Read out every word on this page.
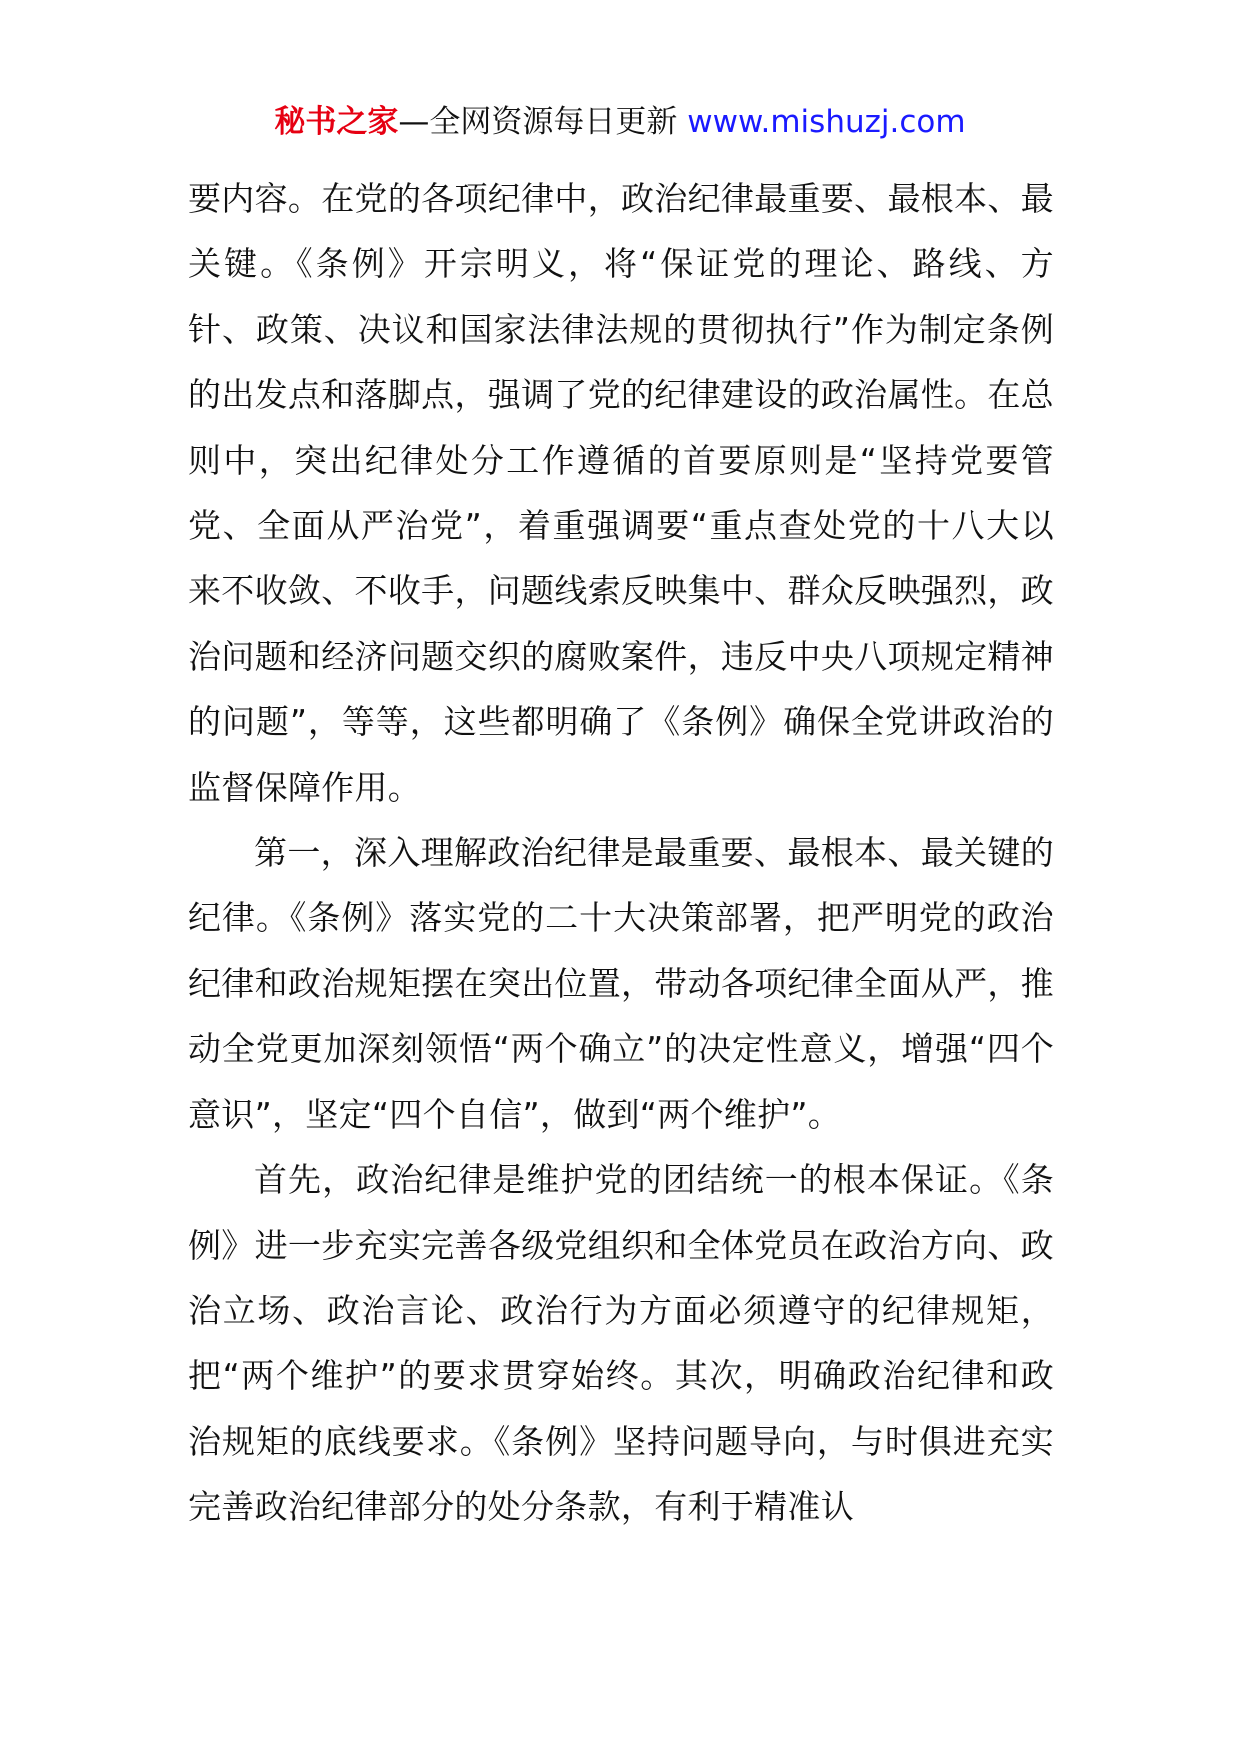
秘书之家—全网资源每日更新 www.mishuzj.com

要内容。在党的各项纪律中，政治纪律最重要、最根本、最关键。《条例》开宗明义，将“保证党的理论、路线、方针、政策、决议和国家法律法规的贯彻执行”作为制定条例的出发点和落脚点，强调了党的纪律建设的政治属性。在总则中，突出纪律处分工作遵循的首要原则是“坚持党要管党、全面从严治党”，着重强调要“重点查处党的十八大以来不收敛、不收手，问题线索反映集中、群众反映强烈，政治问题和经济问题交织的腐败案件，违反中央八项规定精神的问题”，等等，这些都明确了《条例》确保全党讲政治的监督保障作用。

第一，深入理解政治纪律是最重要、最根本、最关键的纪律。《条例》落实党的二十大决策部署，把严明党的政治纪律和政治规矩摆在突出位置，带动各项纪律全面从严，推动全党更加深刻领悟“两个确立”的决定性意义，增强“四个意识”，坚定“四个自信”，做到“两个维护”。

首先，政治纪律是维护党的团结统一的根本保证。《条例》进一步充实完善各级党组织和全体党员在政治方向、政治立场、政治言论、政治行为方面必须遵守的纪律规矩，把“两个维护”的要求贯穿始终。其次，明确政治纪律和政治规矩的底线要求。《条例》坚持问题导向，与时俱进充实完善政治纪律部分的处分条款，有利于精准认
